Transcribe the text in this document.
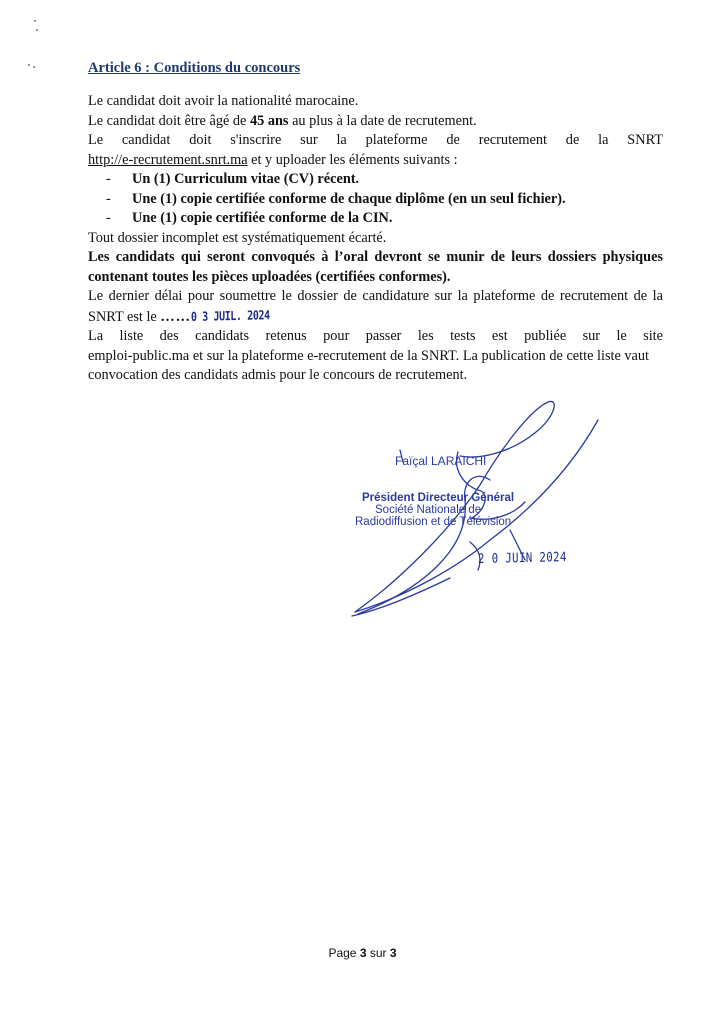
Article 6 : Conditions du concours

Le candidat doit avoir la nationalité marocaine.

Le candidat doit être âgé de 45 ans au plus à la date de recrutement.

Le candidat doit s'inscrire sur la plateforme de recrutement de la SNRT

http://e-recrutement.snrt.ma et y uploader les éléments suivants :

- Un (1) Curriculum vitae (CV) récent.
- Une (1) copie certifiée conforme de chaque diplôme (en un seul fichier).
- Une (1) copie certifiée conforme de la CIN.

Tout dossier incomplet est systématiquement écarté.

Les candidats qui seront convoqués à l’oral devront se munir de leurs dossiers physiques contenant toutes les pièces uploadées (certifiées conformes).

Le dernier délai pour soumettre le dossier de candidature sur la plateforme de recrutement de la

SNRT est le ……0 3 JUIL. 2024

La liste des candidats retenus pour passer les tests est publiée sur le site

emploi-public.ma et sur la plateforme e-recrutement de la SNRT. La publication de cette liste vaut convocation des candidats admis pour le concours de recrutement.

Faïçal LARAICHI
Président Directeur Général
Société Nationale de
Radiodiffusion et de Télévision
2 0 JUIN 2024
Page 3 sur 3
